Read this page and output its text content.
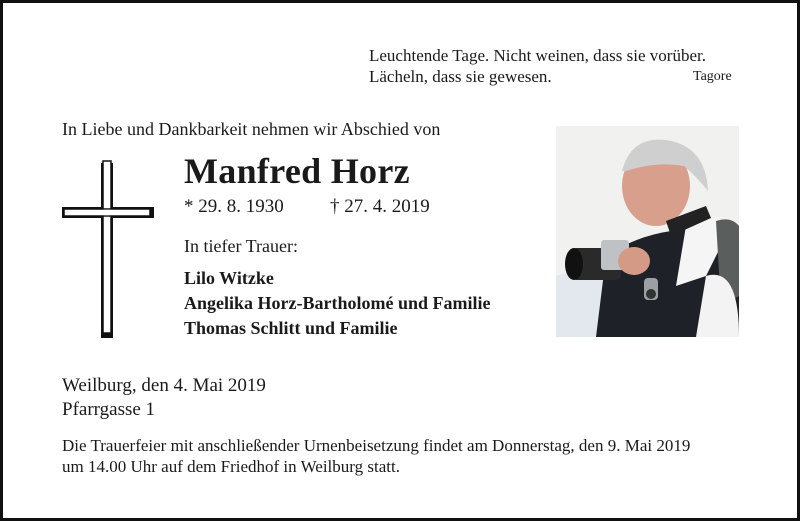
Leuchtende Tage. Nicht weinen, dass sie vorüber.
Lächeln, dass sie gewesen.	Tagore
In Liebe und Dankbarkeit nehmen wir Abschied von
Manfred Horz
* 29. 8. 1930 † 27. 4. 2019
In tiefer Trauer:
Lilo Witzke
Angelika Horz-Bartholomé und Familie
Thomas Schlitt und Familie
Weilburg, den 4. Mai 2019
Pfarrgasse 1
Die Trauerfeier mit anschließender Urnenbeisetzung findet am Donnerstag, den 9. Mai 2019
um 14.00 Uhr auf dem Friedhof in Weilburg statt.
